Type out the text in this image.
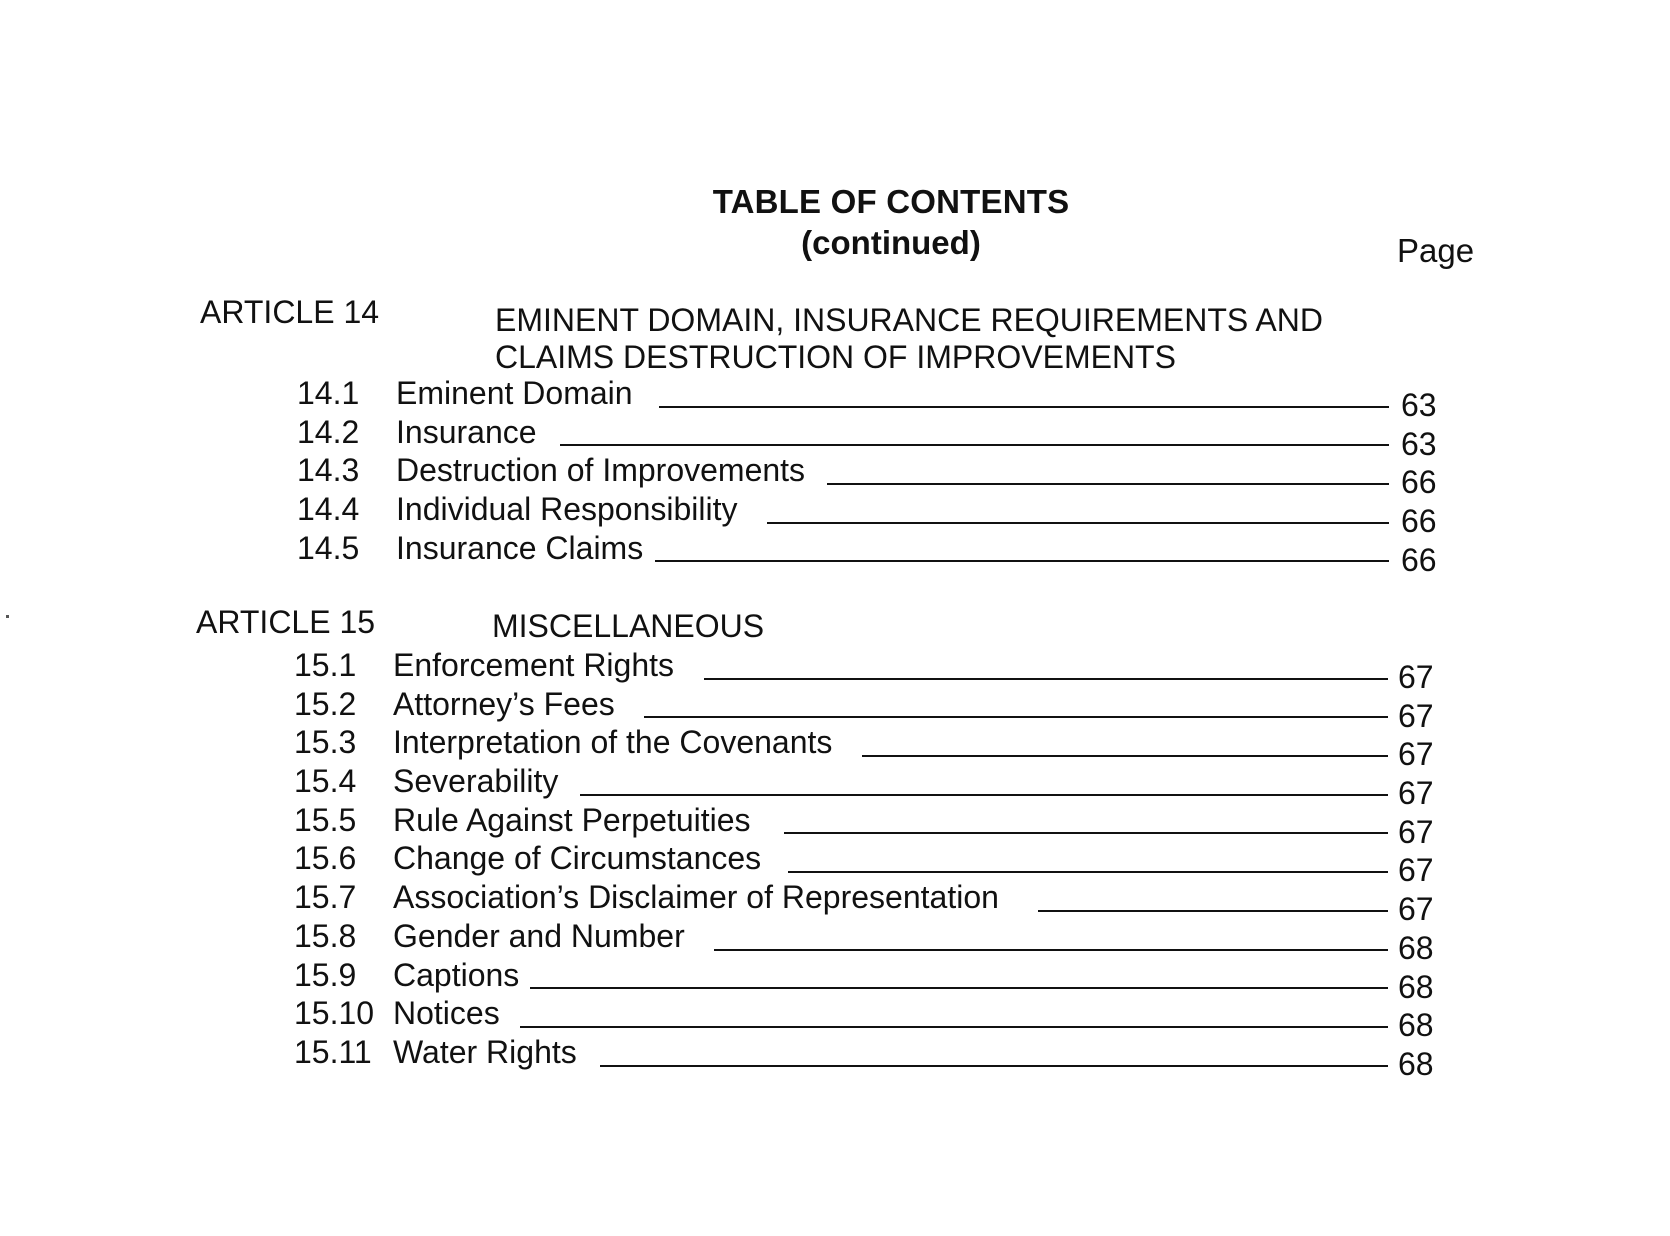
TABLE OF CONTENTS
(continued)	Page
ARTICLE 14	EMINENT DOMAIN, INSURANCE REQUIREMENTS AND
CLAIMS DESTRUCTION OF IMPROVEMENTS
14.1 Eminent Domain	63
14.2 Insurance	63
14.3 Destruction of Improvements	66
14.4 Individual Responsibility	66
14.5 Insurance Claims	66
ARTICLE 15	MISCELLANEOUS
15.1 Enforcement Rights	67
15.2 Attorney’s Fees	67
15.3 Interpretation of the Covenants	67
15.4 Severability	67
15.5 Rule Against Perpetuities	67
15.6 Change of Circumstances	67
15.7 Association’s Disclaimer of Representation	67
15.8 Gender and Number	68
15.9 Captions	68
15.10 Notices	68
15.11 Water Rights	68
